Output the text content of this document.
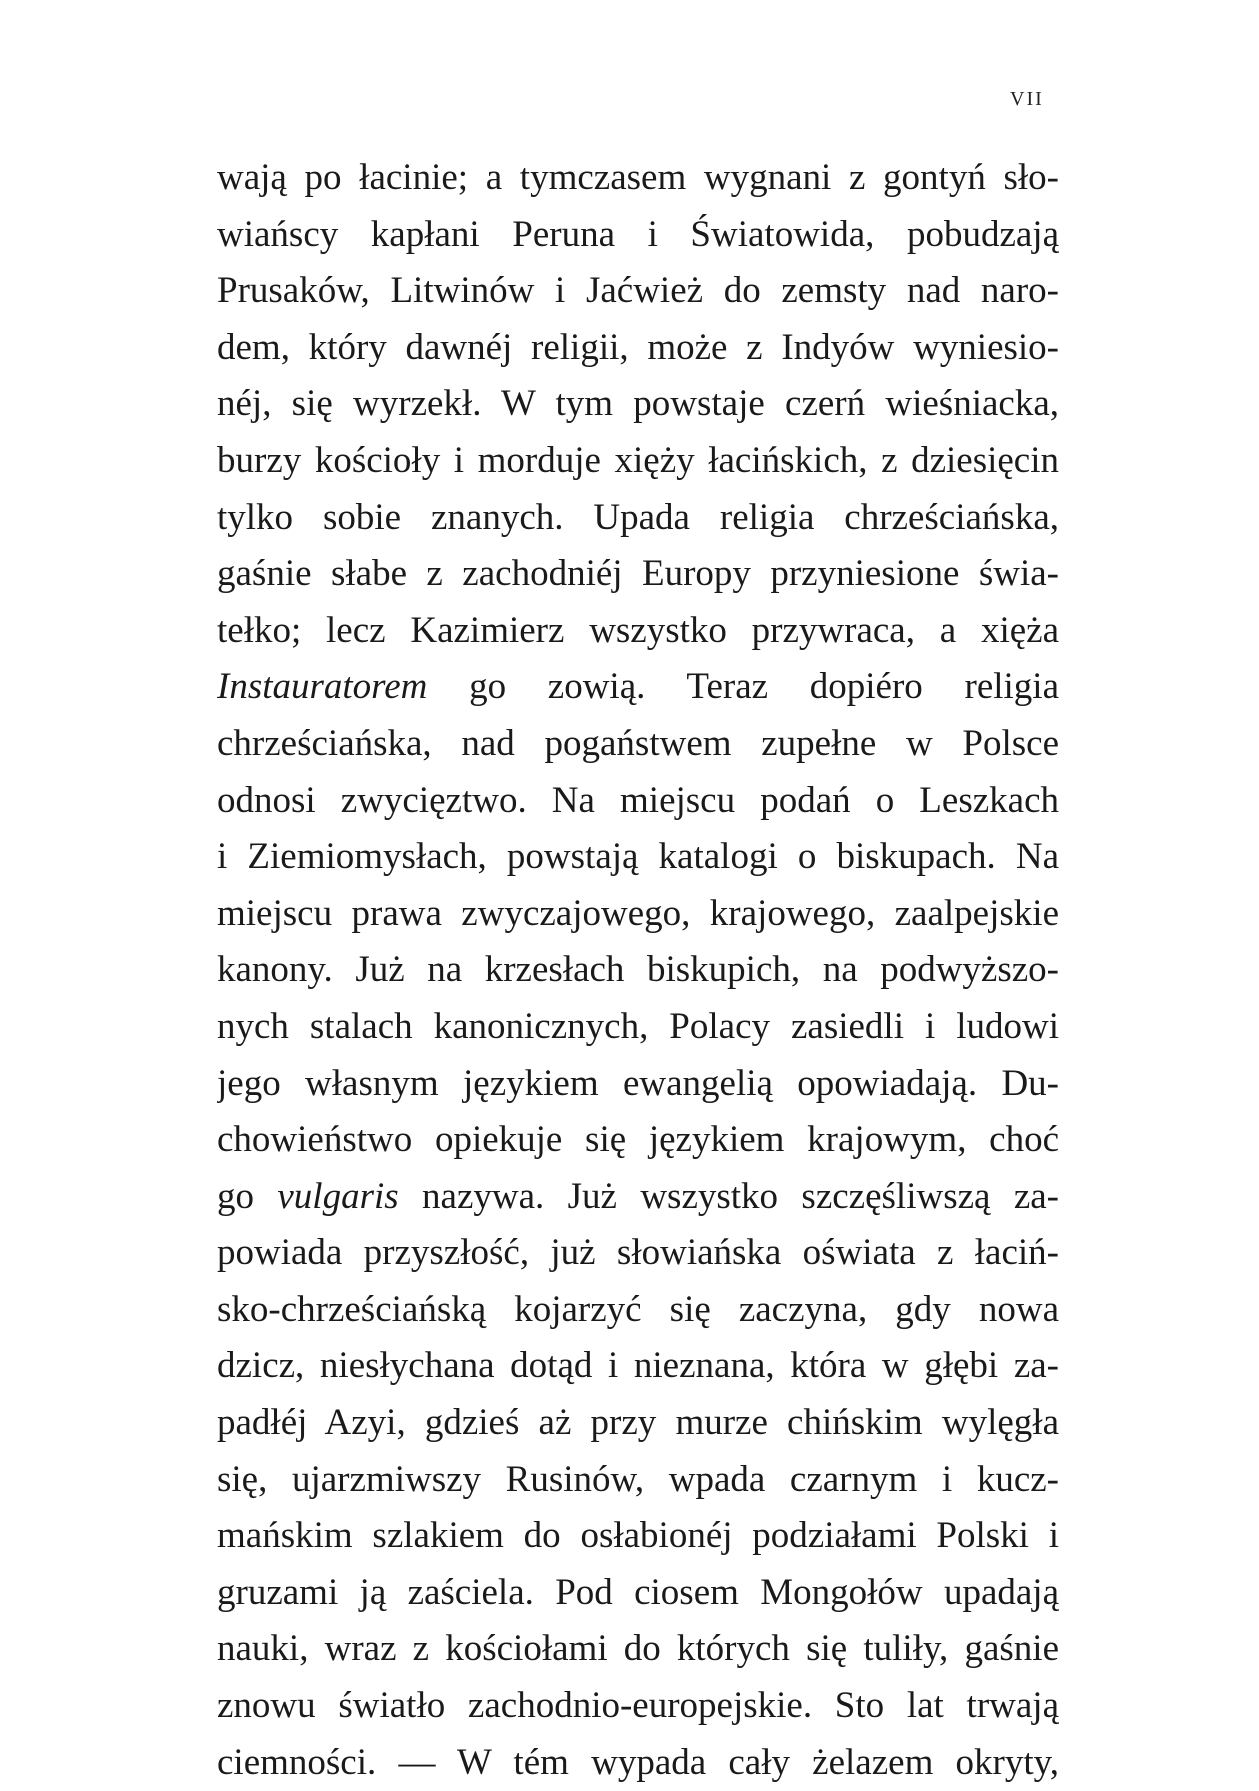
VII
wają po łacinie; a tymczasem wygnani z gontyń sło-
wiańscy kapłani Peruna i Światowida, pobudzają
Prusaków, Litwinów i Jaćwież do zemsty nad naro-
dem, który dawnéj religii, może z Indyów wyniesio-
néj, się wyrzekł. W tym powstaje czerń wieśniacka,
burzy kościoły i morduje xięży łacińskich, z dziesięcin
tylko sobie znanych. Upada religia chrześciańska,
gaśnie słabe z zachodniéj Europy przyniesione świa-
tełko; lecz Kazimierz wszystko przywraca, a xięża
Instauratorem go zowią. Teraz dopiéro religia
chrześciańska, nad pogaństwem zupełne w Polsce
odnosi zwycięztwo. Na miejscu podań o Leszkach
i Ziemiomysłach, powstają katalogi o biskupach. Na
miejscu prawa zwyczajowego, krajowego, zaalpejskie
kanony. Już na krzesłach biskupich, na podwyższo-
nych stalach kanonicznych, Polacy zasiedli i ludowi
jego własnym językiem ewangelią opowiadają. Du-
chowieństwo opiekuje się językiem krajowym, choć
go vulgaris nazywa. Już wszystko szczęśliwszą za-
powiada przyszłość, już słowiańska oświata z łaciń-
sko-chrześciańską kojarzyć się zaczyna, gdy nowa
dzicz, niesłychana dotąd i nieznana, która w głębi za-
padłéj Azyi, gdzieś aż przy murze chińskim wylęgła
się, ujarzmiwszy Rusinów, wpada czarnym i kucz-
mańskim szlakiem do osłabionéj podziałami Polski i
gruzami ją zaściela. Pod ciosem Mongołów upadają
nauki, wraz z kościołami do których się tuliły, gaśnie
znowu światło zachodnio-europejskie. Sto lat trwają
ciemności. — W tém wypada cały żelazem okryty,
